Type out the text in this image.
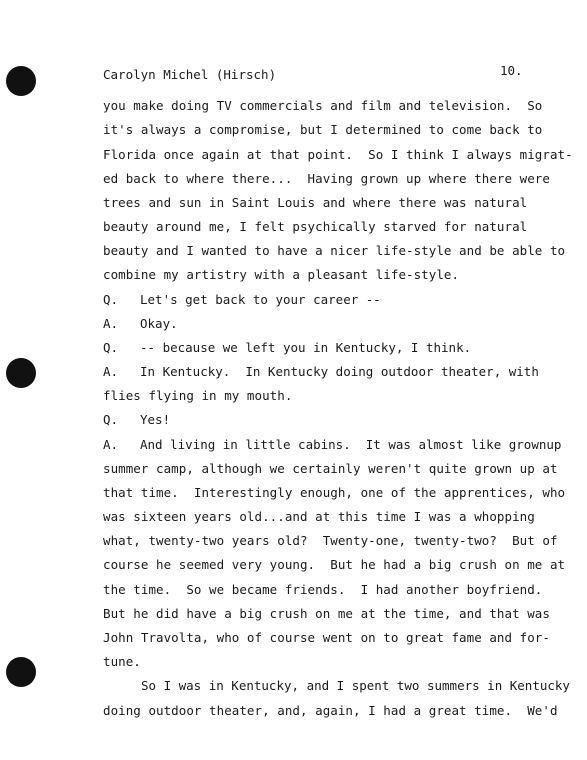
Carolyn Michel (Hirsch)	10.
you make doing TV commercials and film and television.  So
it's always a compromise, but I determined to come back to
Florida once again at that point.  So I think I always migrat-
ed back to where there...  Having grown up where there were
trees and sun in Saint Louis and where there was natural
beauty around me, I felt psychically starved for natural
beauty and I wanted to have a nicer life-style and be able to
combine my artistry with a pleasant life-style.
Q. Let's get back to your career --
A. Okay.
Q. -- because we left you in Kentucky, I think.
A. In Kentucky.  In Kentucky doing outdoor theater, with
flies flying in my mouth.
Q. Yes!
A. And living in little cabins.  It was almost like grownup
summer camp, although we certainly weren't quite grown up at
that time.  Interestingly enough, one of the apprentices, who
was sixteen years old...and at this time I was a whopping
what, twenty-two years old?  Twenty-one, twenty-two?  But of
course he seemed very young.  But he had a big crush on me at
the time.  So we became friends.  I had another boyfriend.
But he did have a big crush on me at the time, and that was
John Travolta, who of course went on to great fame and for-
tune.
So I was in Kentucky, and I spent two summers in Kentucky
doing outdoor theater, and, again, I had a great time.  We'd
